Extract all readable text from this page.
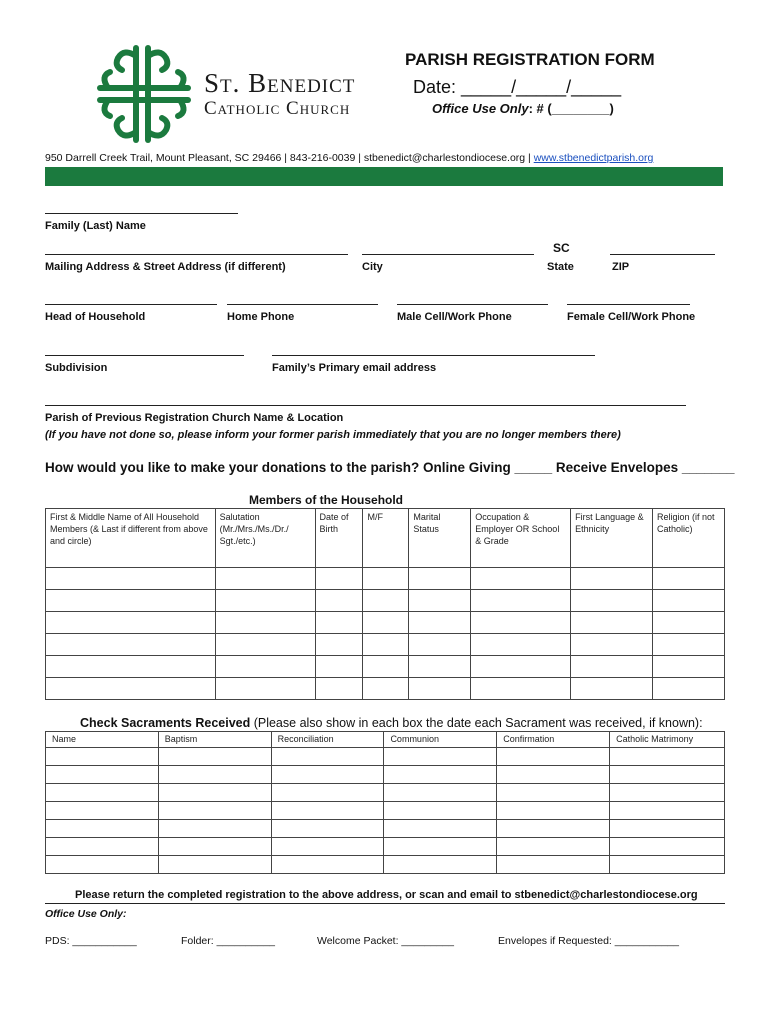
St. Benedict
Catholic Church
PARISH REGISTRATION FORM
Date: _____/_____/_____
Office Use Only: # (________)
950 Darrell Creek Trail, Mount Pleasant, SC 29466 | 843-216-0039 | stbenedict@charlestondiocese.org | www.stbenedictparish.org
Family (Last) Name
SC
Mailing Address & Street Address (if different)	City	State	ZIP
Head of Household	Home Phone	Male Cell/Work Phone	Female Cell/Work Phone
Subdivision	Family’s Primary email address
Parish of Previous Registration Church Name & Location
(If you have not done so, please inform your former parish immediately that you are no longer members there)
How would you like to make your donations to the parish? Online Giving _____ Receive Envelopes _______
Members of the Household
First & Middle Name of All Household Members (& Last if different from above and circle)	Salutation (Mr./Mrs./Ms./Dr./ Sgt./etc.)	Date of Birth	M/F	Marital Status	Occupation & Employer OR School & Grade	First Language & Ethnicity	Religion (if not Catholic)

Check Sacraments Received (Please also show in each box the date each Sacrament was received, if known):
Name	Baptism	Reconciliation	Communion	Confirmation	Catholic Matrimony

Please return the completed registration to the above address, or scan and email to stbenedict@charlestondiocese.org
Office Use Only:
PDS: ___________	Folder: __________	Welcome Packet: _________	Envelopes if Requested: ___________
